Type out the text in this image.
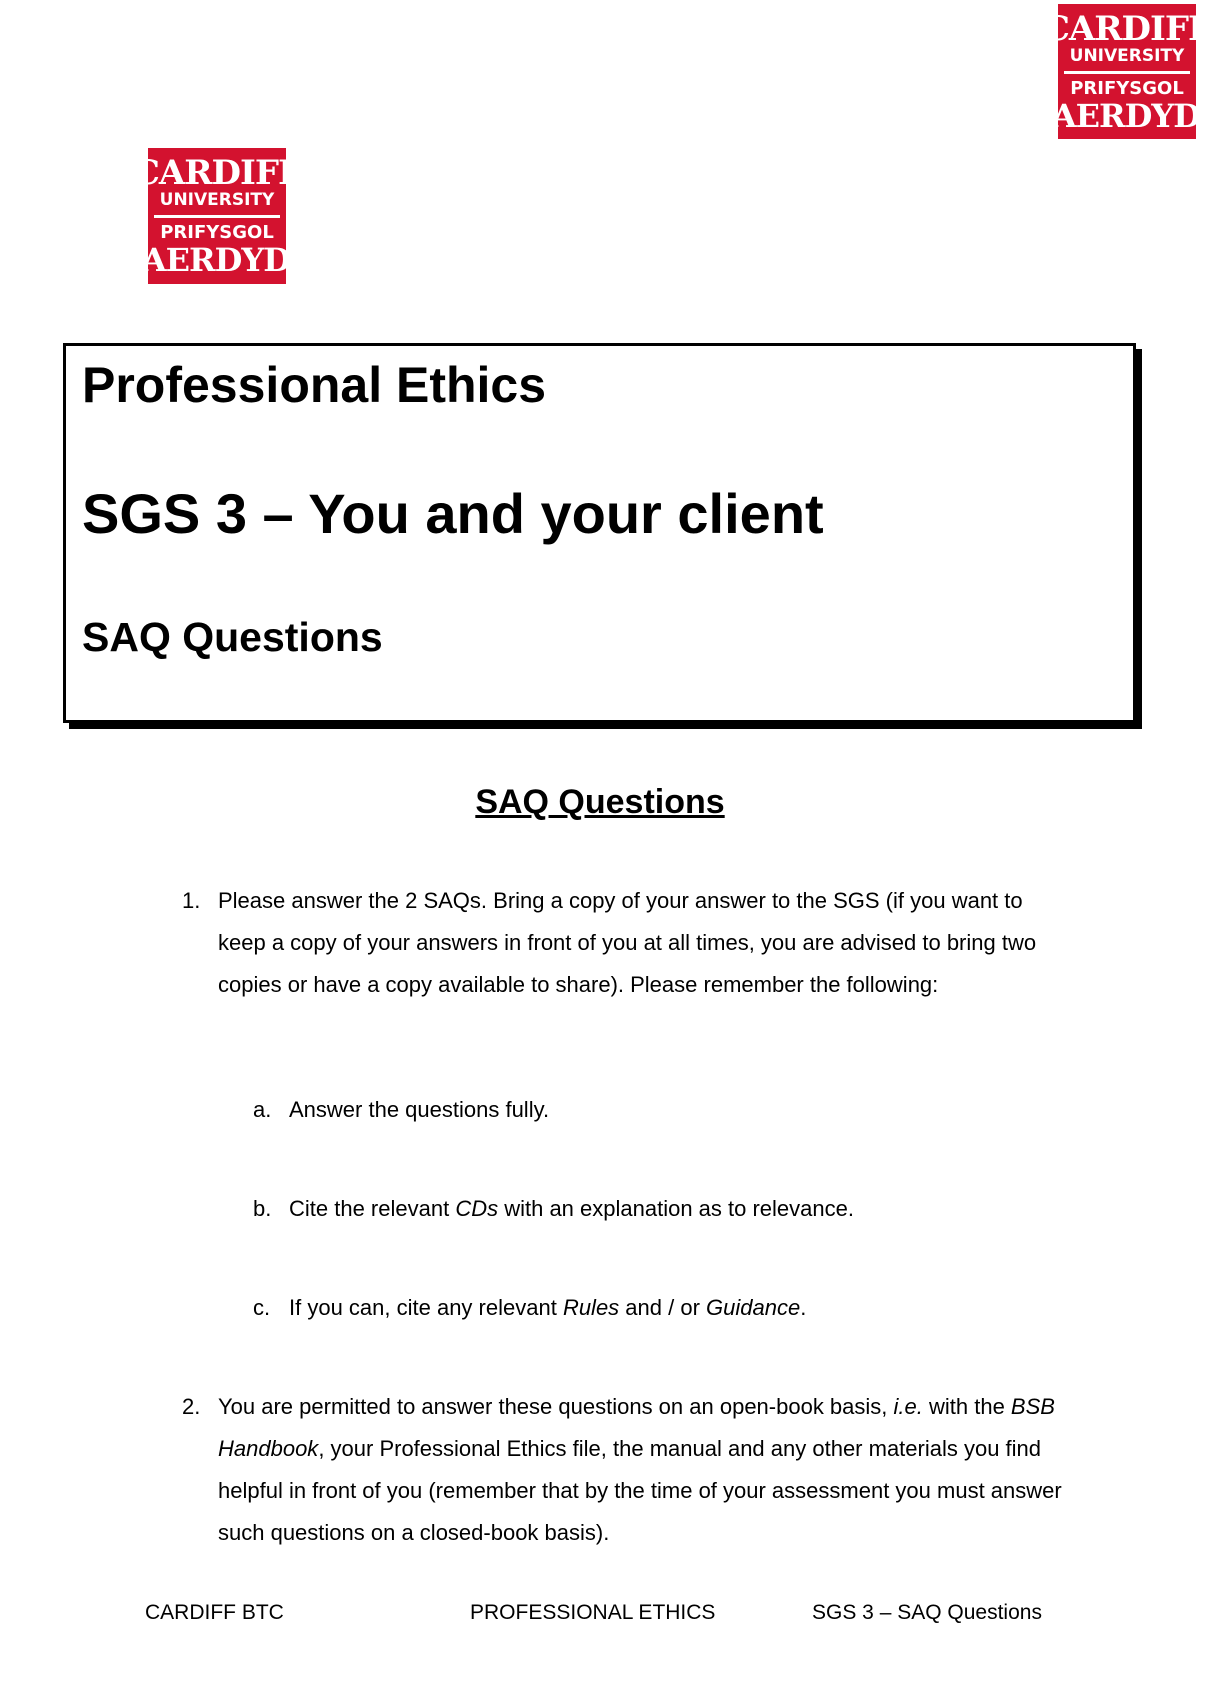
CARDIFF
UNIVERSITY
PRIFYSGOL
CAERDYDD
CARDIFF
UNIVERSITY
PRIFYSGOL
CAERDYDD
Professional Ethics
SGS 3 – You and your client
SAQ Questions
SAQ Questions
1. Please answer the 2 SAQs. Bring a copy of your answer to the SGS (if you want to keep a copy of your answers in front of you at all times, you are advised to bring two copies or have a copy available to share). Please remember the following:
a. Answer the questions fully.
b. Cite the relevant CDs with an explanation as to relevance.
c. If you can, cite any relevant Rules and / or Guidance.
2. You are permitted to answer these questions on an open-book basis, i.e. with the BSB Handbook, your Professional Ethics file, the manual and any other materials you find helpful in front of you (remember that by the time of your assessment you must answer such questions on a closed-book basis).
CARDIFF BTC	PROFESSIONAL ETHICS	SGS 3 – SAQ Questions
